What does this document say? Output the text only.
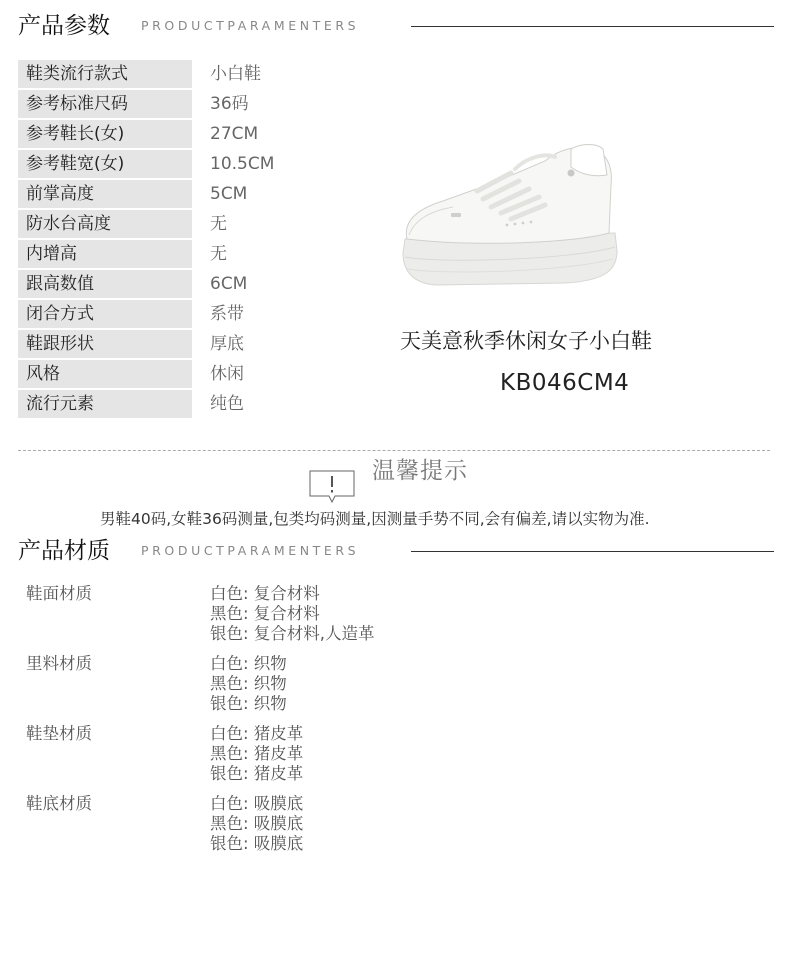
产品参数 PRODUCTPARAMENTERS
鞋类流行款式	小白鞋
参考标准尺码	36码
参考鞋长(女)	27CM
参考鞋宽(女)	10.5CM
前掌高度	5CM
防水台高度	无
内增高	无
跟高数值	6CM
闭合方式	系带
鞋跟形状	厚底
风格	休闲
流行元素	纯色
天美意秋季休闲女子小白鞋
KB046CM4
温馨提示
男鞋40码,女鞋36码测量,包类均码测量,因测量手势不同,会有偏差,请以实物为准.
产品材质 PRODUCTPARAMENTERS
鞋面材质	白色: 复合材料
黑色: 复合材料
银色: 复合材料,人造革
里料材质	白色: 织物
黑色: 织物
银色: 织物
鞋垫材质	白色: 猪皮革
黑色: 猪皮革
银色: 猪皮革
鞋底材质	白色: 吸膜底
黑色: 吸膜底
银色: 吸膜底
